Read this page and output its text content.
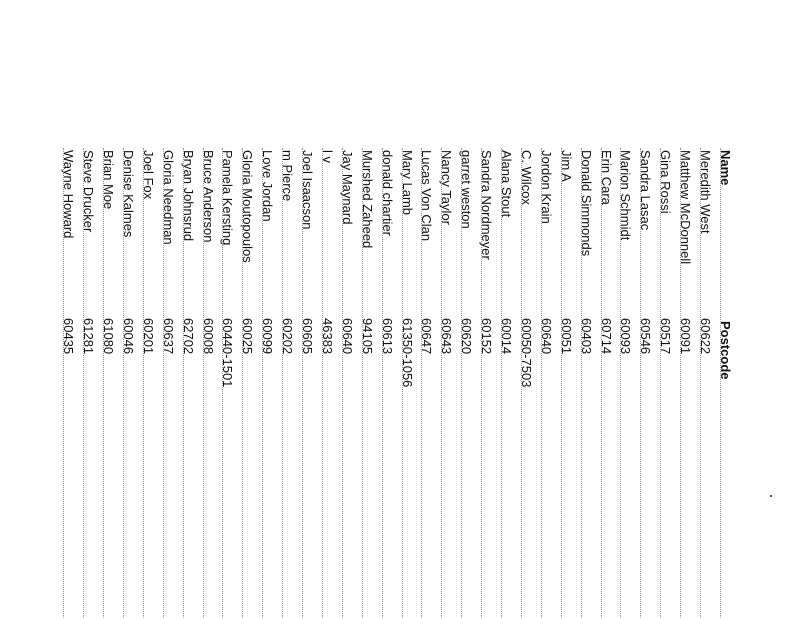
Name
Postcode
Meredith West
60622
Matthew McDonnell
60091
Gina Rossi
60517
Sandra Lasac
60546
Marion Schmidt
60093
Erin Cara
60714
Donald Simmonds
60403
Jim A
60051
Jordon Krain
60640
C. Wilcox
60050-7503
Alana Stout
60014
Sandra Nordmeyer
60152
garret weston
60620
Nancy Taylor
60643
Lucas Von Clan
60647
Mary Lamb
61350-1056
donald chartier
60613
Murshed Zaheed
94105
Jay Maynard
60640
l v
46383
Joel Isaacson
60605
m Pierce
60202
Love Jordan
60099
Gloria Moutopoulos
60025
Pamela Kersting
60440-1501
Bruce Anderson
60008
Bryan Johnsrud
62702
Gloria Needman
60637
Joel Fox
60201
Denise Kalmes
60046
Brian Moe
61080
Steve Drucker
61281
Wayne Howard
60435
